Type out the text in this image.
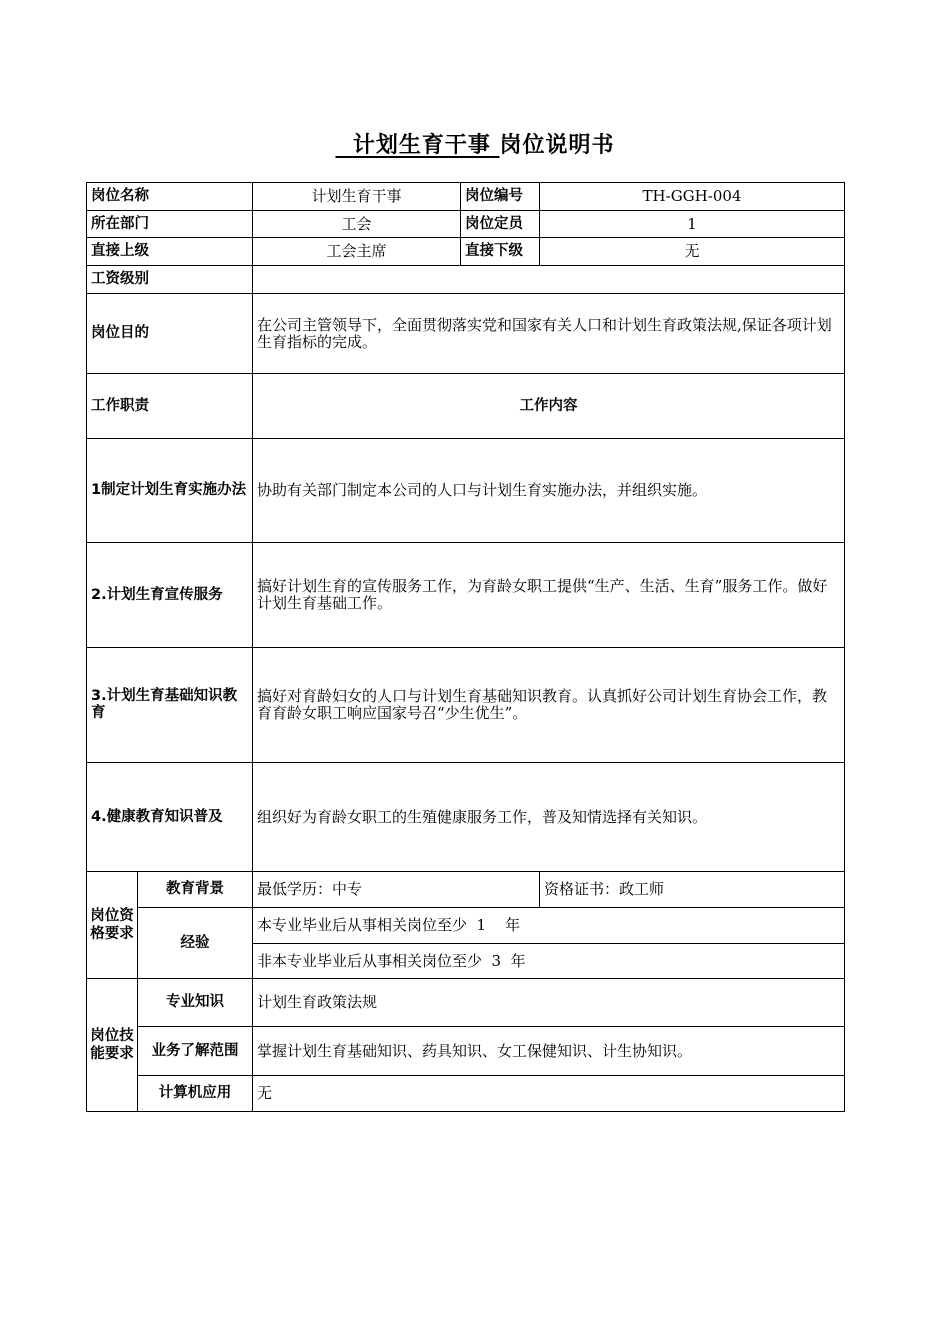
计划生育干事 岗位说明书
岗位名称		计划生育干事	岗位编号	TH-GGH-004
所在部门		工会	岗位定员	1
直接上级		工会主席	直接下级	无
工资级别				
岗位目的		在公司主管领导下，全面贯彻落实党和国家有关人口和计划生育政策法规,保证各项计划生育指标的完成。		
工作职责		工作内容		
1制定计划生育实施办法		协助有关部门制定本公司的人口与计划生育实施办法，并组织实施。		
2.计划生育宣传服务		搞好计划生育的宣传服务工作，为育龄女职工提供“生产、生活、生育”服务工作。做好计划生育基础工作。		
3.计划生育基础知识教育		搞好对育龄妇女的人口与计划生育基础知识教育。认真抓好公司计划生育协会工作，教育育龄女职工响应国家号召“少生优生”。		
4.健康教育知识普及		组织好为育龄女职工的生殖健康服务工作，普及知情选择有关知识。		
岗位资格要求	教育背景	最低学历：中专		资格证书：政工师
	经验	本专业毕业后从事相关岗位至少  1    年		
		非本专业毕业后从事相关岗位至少  3  年		
岗位技能要求	专业知识	计划生育政策法规		
	业务了解范围	掌握计划生育基础知识、药具知识、女工保健知识、计生协知识。		
	计算机应用	无		
